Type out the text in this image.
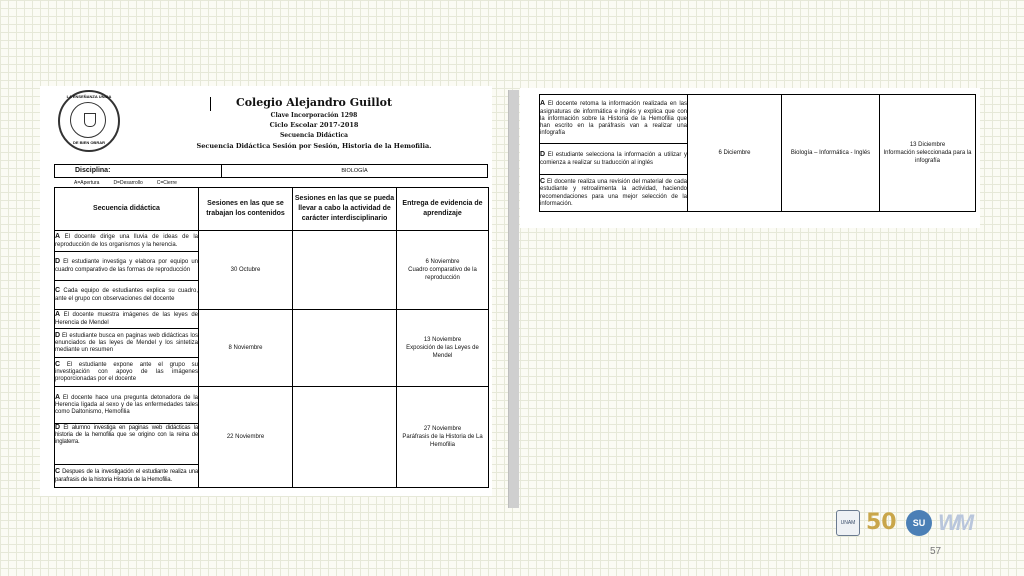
LA ENSEÑANZA UNIDA
DE BIEN OBRAR
Colegio Alejandro Guillot
Clave Incorporación 1298
Ciclo Escolar 2017-2018
Secuencia Didáctica
Secuencia Didáctica Sesión por Sesión, Historia de la Hemofilia.
Disciplina:	BIOLOGÍA
A=Apertura	D=Desarrollo	C=Cierre
Secuencia didáctica	Sesiones en las que se trabajan los contenidos	Sesiones en las que se pueda llevar a cabo la actividad de carácter interdisciplinario	Entrega de evidencia de aprendizaje
A El docente dirige una lluvia de ideas de la reproducción de los organismos y la herencia.	30 Octubre		6 Noviembre
Cuadro comparativo de la reproducción

D El estudiante investiga y elabora por equipo un cuadro comparativo de las formas de reproducción			
C Cada equipo de estudiantes explica su cuadro, ante el grupo con observaciones del docente			
A El docente muestra imágenes de las leyes de Herencia de Mendel	8 Noviembre		13 Noviembre
Exposición de las Leyes de Mendel

D El estudiante busca en paginas web didácticas los enunciados de las leyes de Mendel y los sintetiza mediante un resumen			
C El estudiante expone ante el grupo su investigación con apoyo de las imágenes proporcionadas por el docente			
A El docente hace una pregunta detonadora de la Herencia ligada al sexo y de las enfermedades tales como Daltonismo, Hemofilia	22 Noviembre		27 Noviembre
Paráfrasis de la Historia de La Hemofilia

D El alumno investiga en paginas web didácticas la historia de la hemofilia que se origino con la reina de inglaterra.			
C Despues de la investigación el estudiante realiza una parafrasis de la historia Historia de la Hemofilia.			
A El docente retoma la información realizada en las asignaturas de informática e inglés y explica que con la información sobre la Historia de la Hemofilia que han escrito en la paráfrasis van a realizar una infografía	6 Diciembre	Biología – Informática - Inglés	
13 Diciembre
Información seleccionada para la infografía

D El estudiante selecciona la información a utilizar y comienza a realizar su traducción al inglés
C El docente realiza una revisión del material de cada estudiante y retroalimenta la actividad, haciendo recomendaciones para una mejor selección de la información.
UNAM 50	SU WM
57
